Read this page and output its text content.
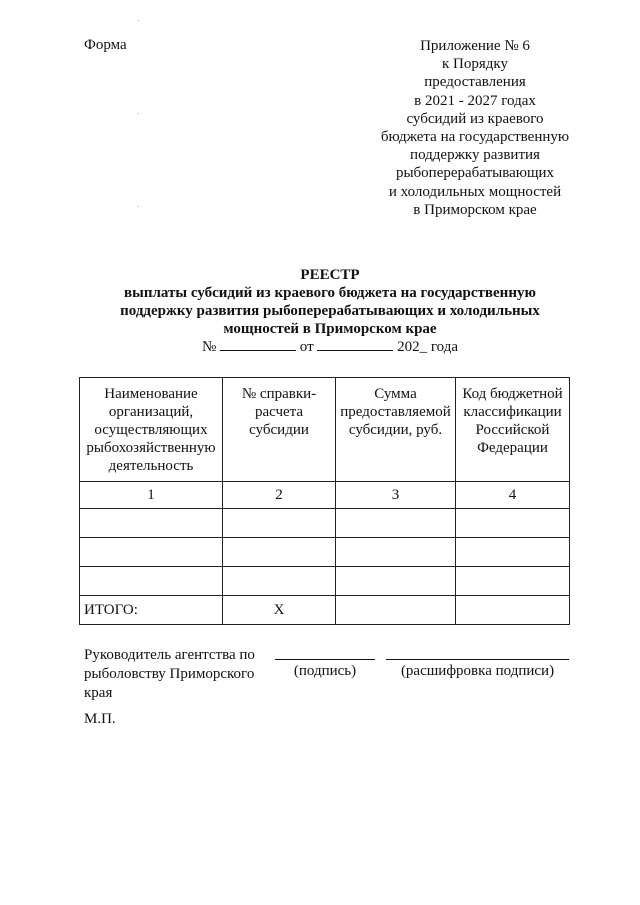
Форма	Приложение № 6
к Порядку
предоставления
в 2021 - 2027 годах
субсидий из краевого
бюджета на государственную
поддержку развития
рыбоперерабатывающих
и холодильных мощностей
в Приморском крае
РЕЕСТР
выплаты субсидий из краевого бюджета на государственную
поддержку развития рыбоперерабатывающих и холодильных
мощностей в Приморском крае
№	от	202_ года
Наименование организаций, осуществляющих рыбохозяйственную деятельность	№ справки-расчета субсидии	Сумма предоставляемой субсидии, руб.	Код бюджетной классификации Российской Федерации
1	2	3	4

ИТОГО:	X		
Руководитель агентства по рыболовству Приморского края
(подпись)	(расшифровка подписи)
М.П.
